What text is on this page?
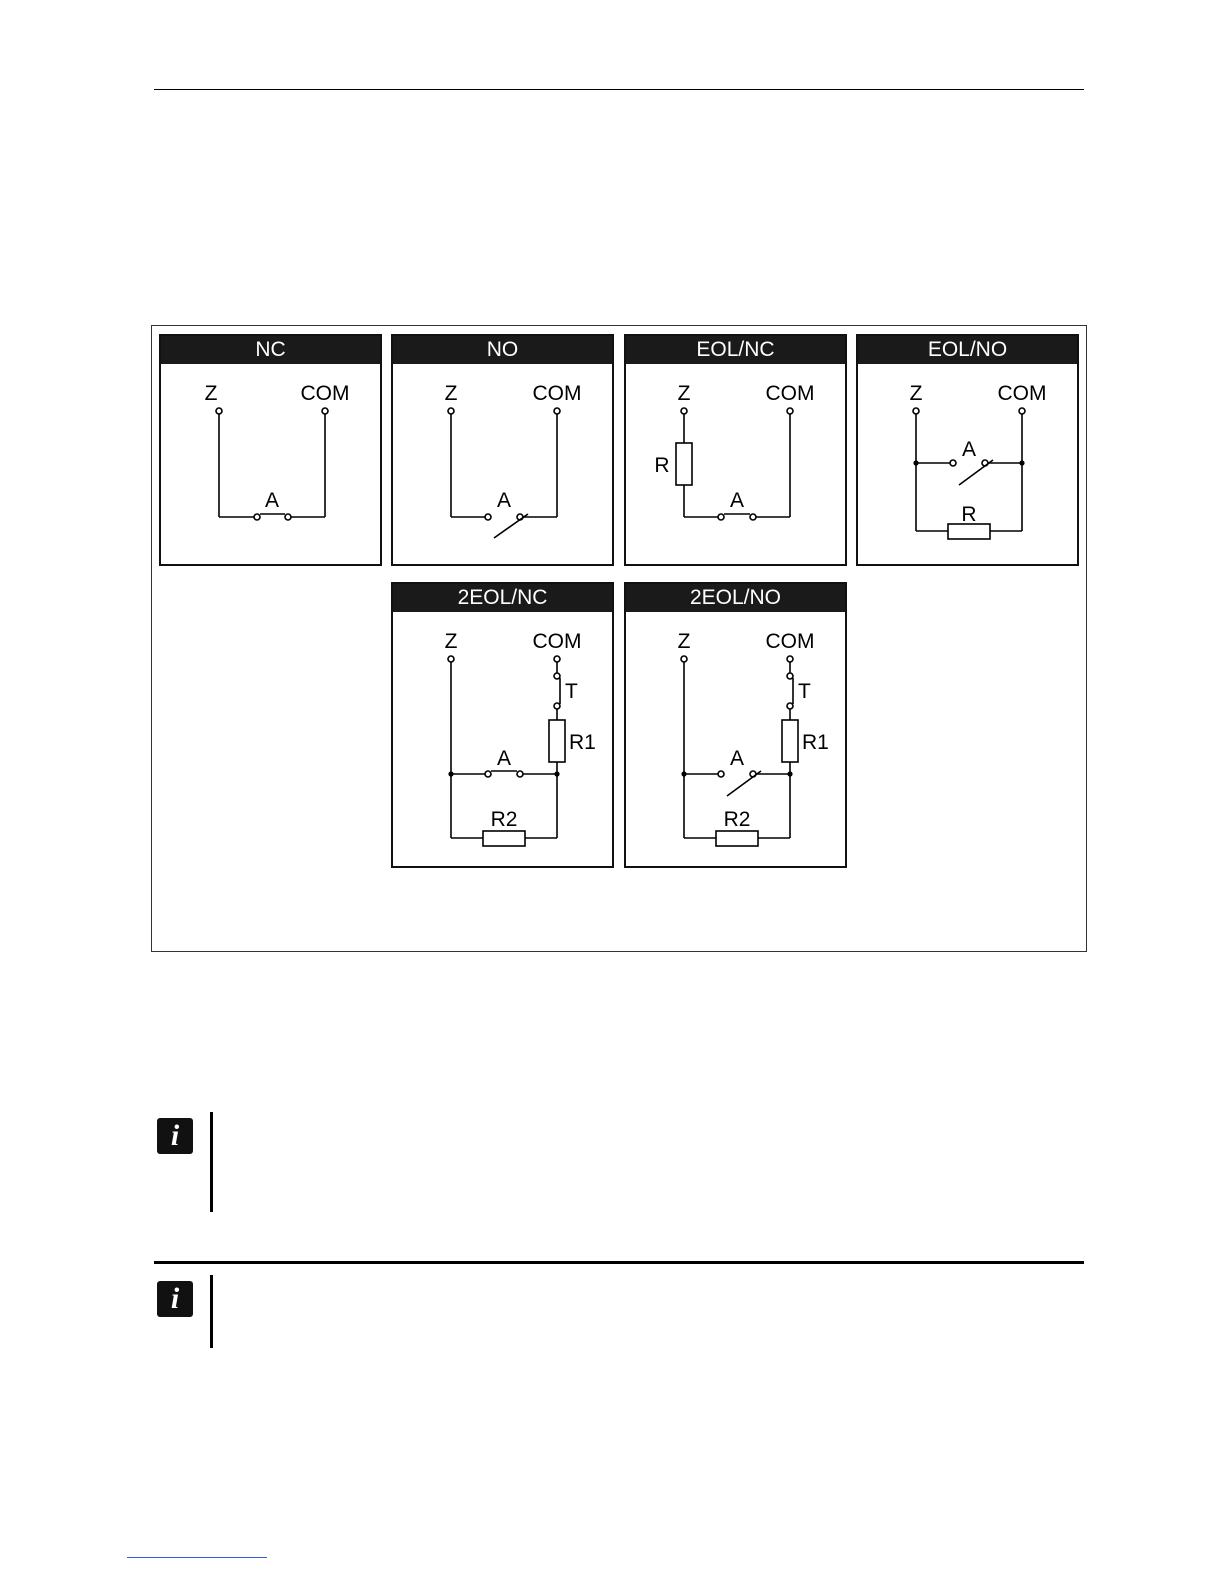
NC
Z	COM
A
NO
Z	COM
A
EOL/NC
Z	COM
R
A
EOL/NO
Z	COM
A
R
2EOL/NC
Z	COM
T
R1
A
R2
2EOL/NO
Z	COM
T
R1
A
R2
i
i
